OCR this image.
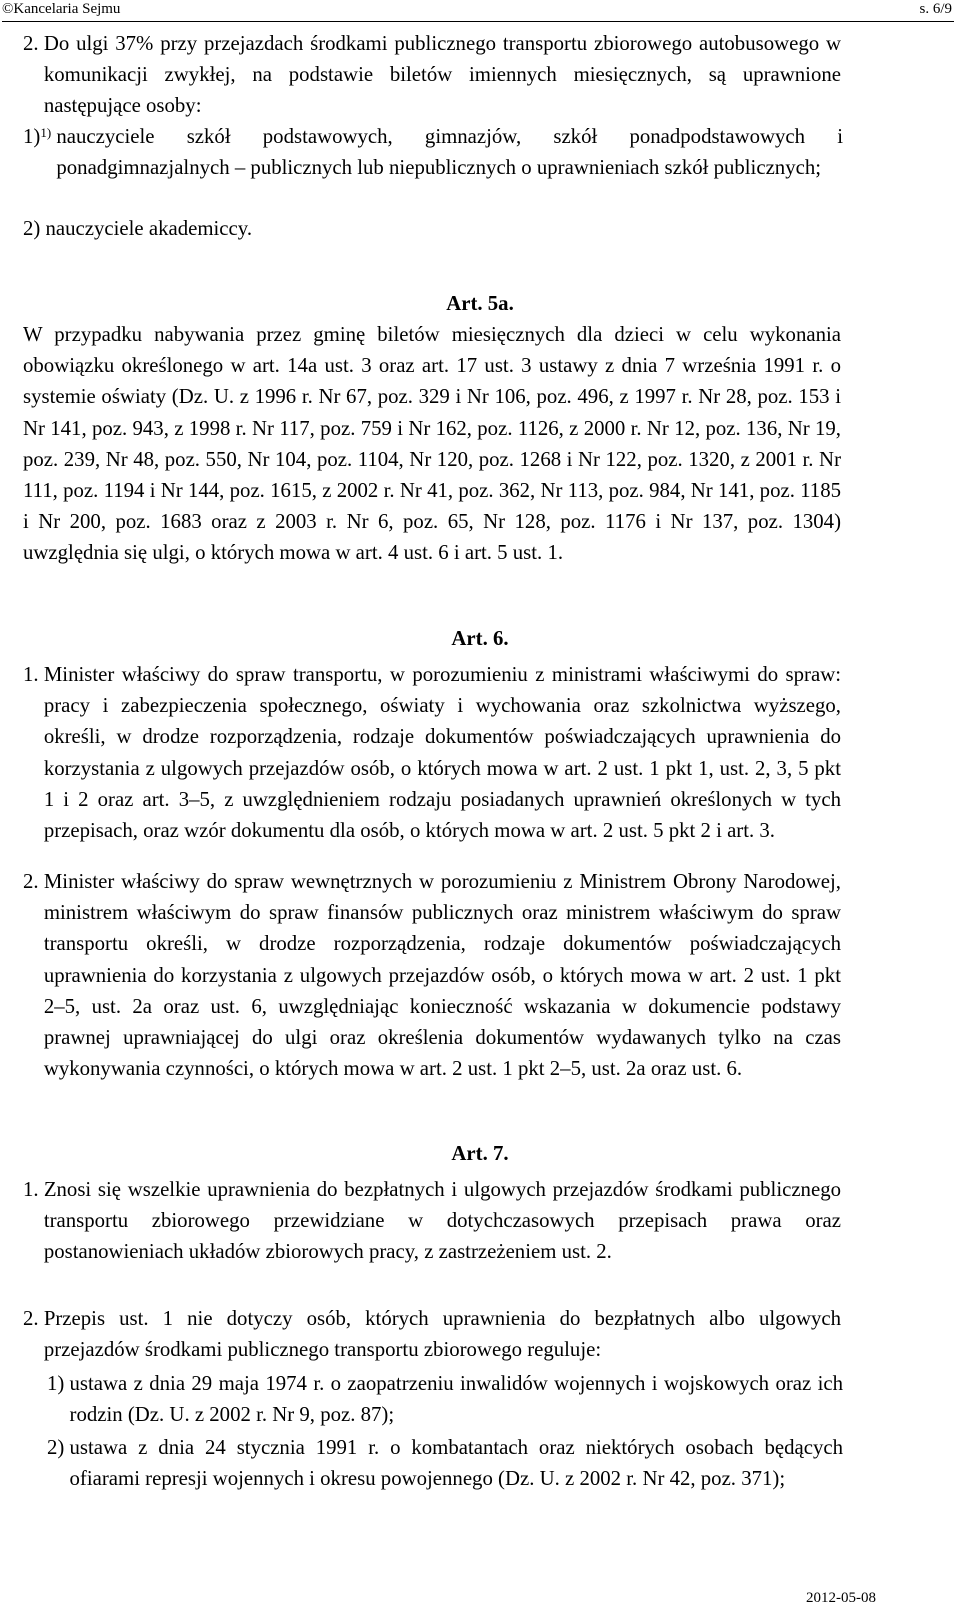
©Kancelaria Sejmu	s. 6/9
2.
Do ulgi 37% przy przejazdach środkami publicznego transportu zbiorowego autobusowego w komunikacji zwykłej, na podstawie biletów imiennych miesięcznych, są uprawnione następujące osoby:
1)$^{1)}$ nauczyciele szkół podstawowych, gimnazjów, szkół ponadpodstawowych i ponadgimnazjalnych – publicznych lub niepublicznych o uprawnieniach szkół publicznych;
2)
nauczyciele akademiccy.
Art. 5a.
W przypadku nabywania przez gminę biletów miesięcznych dla dzieci w celu wykonania obowiązku określonego w art. 14a ust. 3 oraz art. 17 ust. 3 ustawy z dnia 7 września 1991 r. o systemie oświaty (Dz. U. z 1996 r. Nr 67, poz. 329 i Nr 106, poz. 496, z 1997 r. Nr 28, poz. 153 i Nr 141, poz. 943, z 1998 r. Nr 117, poz. 759 i Nr 162, poz. 1126, z 2000 r. Nr 12, poz. 136, Nr 19, poz. 239, Nr 48, poz. 550, Nr 104, poz. 1104, Nr 120, poz. 1268 i Nr 122, poz. 1320, z 2001 r. Nr 111, poz. 1194 i Nr 144, poz. 1615, z 2002 r. Nr 41, poz. 362, Nr 113, poz. 984, Nr 141, poz. 1185 i Nr 200, poz. 1683 oraz z 2003 r. Nr 6, poz. 65, Nr 128, poz. 1176 i Nr 137, poz. 1304) uwzględnia się ulgi, o których mowa w art. 4 ust. 6 i art. 5 ust. 1.
Art. 6.
1.
Minister właściwy do spraw transportu, w porozumieniu z ministrami właściwymi do spraw: pracy i zabezpieczenia społecznego, oświaty i wychowania oraz szkolnictwa wyższego, określi, w drodze rozporządzenia, rodzaje dokumentów poświadczających uprawnienia do korzystania z ulgowych przejazdów osób, o których mowa w art. 2 ust. 1 pkt 1, ust. 2, 3, 5 pkt 1 i 2 oraz art. 3–5, z uwzględnieniem rodzaju posiadanych uprawnień określonych w tych przepisach, oraz wzór dokumentu dla osób, o których mowa w art. 2 ust. 5 pkt 2 i art. 3.
2.
Minister właściwy do spraw wewnętrznych w porozumieniu z Ministrem Obrony Narodowej, ministrem właściwym do spraw finansów publicznych oraz ministrem właściwym do spraw transportu określi, w drodze rozporządzenia, rodzaje dokumentów poświadczających uprawnienia do korzystania z ulgowych przejazdów osób, o których mowa w art. 2 ust. 1 pkt 2–5, ust. 2a oraz ust. 6, uwzględniając konieczność wskazania w dokumencie podstawy prawnej uprawniającej do ulgi oraz określenia dokumentów wydawanych tylko na czas wykonywania czynności, o których mowa w art. 2 ust. 1 pkt 2–5, ust. 2a oraz ust. 6.
Art. 7.
1.
Znosi się wszelkie uprawnienia do bezpłatnych i ulgowych przejazdów środkami publicznego transportu zbiorowego przewidziane w dotychczasowych przepisach prawa oraz postanowieniach układów zbiorowych pracy, z zastrzeżeniem ust. 2.
2.
Przepis ust. 1 nie dotyczy osób, których uprawnienia do bezpłatnych albo ulgowych przejazdów środkami publicznego transportu zbiorowego reguluje:
1)
ustawa z dnia 29 maja 1974 r. o zaopatrzeniu inwalidów wojennych i wojskowych oraz ich rodzin (Dz. U. z 2002 r. Nr 9, poz. 87);
2)
ustawa z dnia 24 stycznia 1991 r. o kombatantach oraz niektórych osobach będących ofiarami represji wojennych i okresu powojennego (Dz. U. z 2002 r. Nr 42, poz. 371);
2012-05-08
